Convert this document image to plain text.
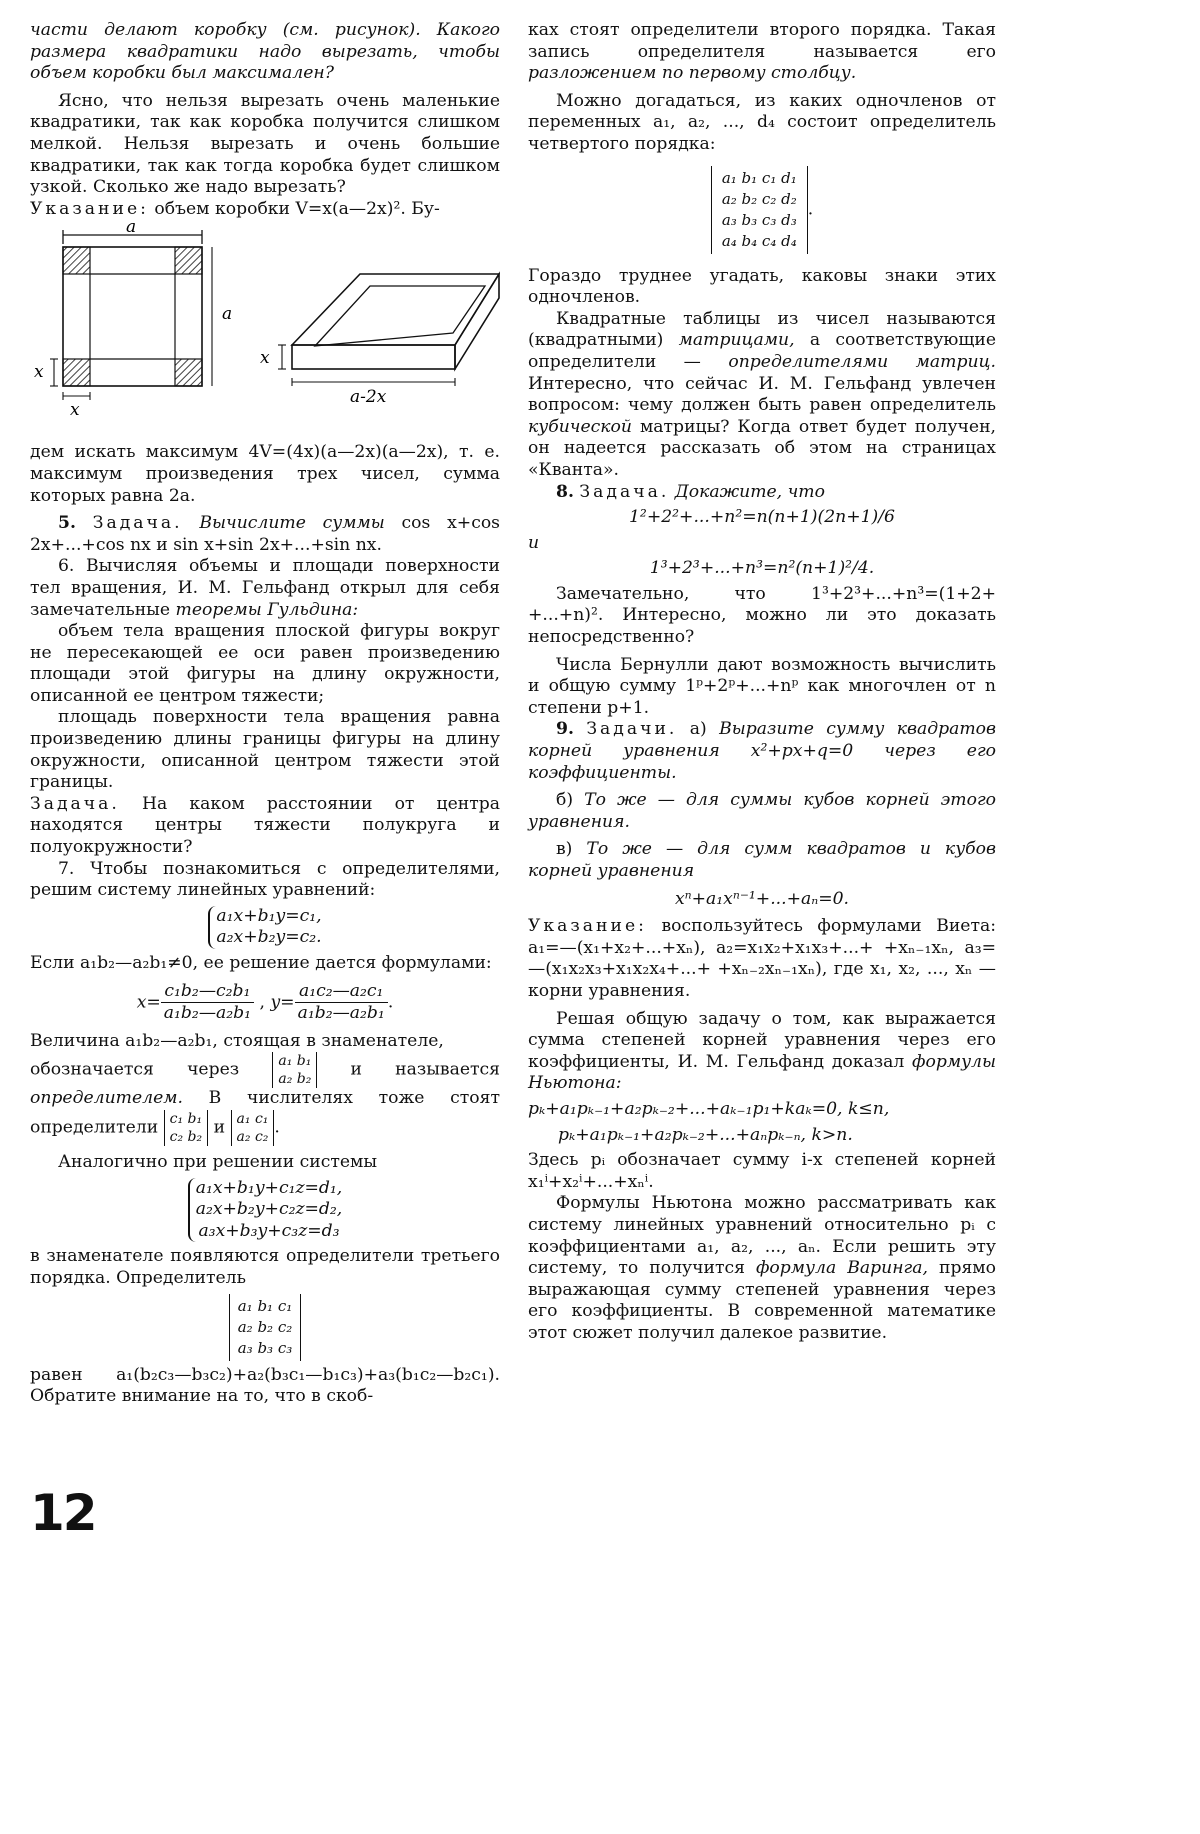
части делают коробку (см. рисунок). Какого размера квадратики надо вырезать, чтобы объем коробки был максимален?

Ясно, что нельзя вырезать очень маленькие квадратики, так как коробка получится слишком мелкой. Нельзя вырезать и очень большие квадратики, так как тогда коробка будет слишком узкой. Сколько же надо вырезать?

Указание: объем коробки V=x(a—2x)². Бу-

a
a
x
x
x
a-2x

дем искать максимум 4V=(4x)(a—2x)(a—2x), т. е. максимум произведения трех чисел, сумма которых равна 2a.

5. Задача. Вычислите суммы cos x+cos 2x+...+cos nx и sin x+sin 2x+...+sin nx.

6. Вычисляя объемы и площади поверхности тел вращения, И. М. Гельфанд открыл для себя замечательные теоремы Гульдина:

объем тела вращения плоской фигуры вокруг не пересекающей ее оси равен произведению площади этой фигуры на длину окружности, описанной ее центром тяжести;

площадь поверхности тела вращения равна произведению длины границы фигуры на длину окружности, описанной центром тяжести этой границы.

Задача. На каком расстоянии от центра находятся центры тяжести полукруга и полуокружности?

7. Чтобы познакомиться с определителями, решим систему линейных уравнений:

a₁x+b₁y=c₁,
a₂x+b₂y=c₂.

Если a₁b₂—a₂b₁≠0, ее решение дается формулами:

$x= \frac{\text{c₁b₂—c₂b₁}}{\text{a₁b₂—a₂b₁}}$ , $y= \frac{\text{a₁c₂—a₂c₁}}{\text{a₁b₂—a₂b₁}}$ .

Величина a₁b₂—a₂b₁, стоящая в знаменателе,

обозначается через	a₁ b₁
a₂ b₂ и называется определителем. В числителях тоже стоят определители c₁ b₁
c₂ b₂ и a₁ c₁
a₂ c₂ .

Аналогично при решении системы

a₁x+b₁y+c₁z=d₁,
a₂x+b₂y+c₂z=d₂,
a₃x+b₃y+c₃z=d₃

в знаменателе появляются определители третьего порядка. Определитель

a₁ b₁ c₁
a₂ b₂ c₂
a₃ b₃ c₃

равен a₁(b₂c₃—b₃c₂)+a₂(b₃c₁—b₁c₃)+a₃(b₁c₂—b₂c₁). Обратите внимание на то, что в скоб-

ках стоят определители второго порядка. Такая запись определителя называется его разложением по первому столбцу.

Можно догадаться, из каких одночленов от переменных a₁, a₂, ..., d₄ состоит определитель четвертого порядка:

a₁ b₁ c₁ d₁
a₂ b₂ c₂ d₂
a₃ b₃ c₃ d₃
a₄ b₄ c₄ d₄
.

Гораздо труднее угадать, каковы знаки этих одночленов.

Квадратные таблицы из чисел называются (квадратными) матрицами, а соответствующие определители — определителями матриц. Интересно, что сейчас И. М. Гельфанд увлечен вопросом: чему должен быть равен определитель кубической матрицы? Когда ответ будет получен, он надеется рассказать об этом на страницах «Кванта».

8. Задача. Докажите, что

1²+2²+...+n²=n(n+1)(2n+1)/6

и

1³+2³+...+n³=n²(n+1)²/4.

Замечательно, что 1³+2³+...+n³=(1+2+ +...+n)². Интересно, можно ли это доказать непосредственно?

Числа Бернулли дают возможность вычислить и общую сумму 1ᵖ+2ᵖ+...+nᵖ как многочлен от n степени p+1.

9. Задачи. а) Выразите сумму квадратов корней уравнения x²+px+q=0 через его коэффициенты.

б) То же — для суммы кубов корней этого уравнения.

в) То же — для сумм квадратов и кубов корней уравнения

xⁿ+a₁xⁿ⁻¹+...+aₙ=0.

Указание: воспользуйтесь формулами Виета: a₁=—(x₁+x₂+...+xₙ), a₂=x₁x₂+x₁x₃+...+ +xₙ₋₁xₙ, a₃=—(x₁x₂x₃+x₁x₂x₄+...+ +xₙ₋₂xₙ₋₁xₙ), где x₁, x₂, ..., xₙ — корни уравнения.

Решая общую задачу о том, как выражается сумма степеней корней уравнения через его коэффициенты, И. М. Гельфанд доказал формулы Ньютона:

pₖ+a₁pₖ₋₁+a₂pₖ₋₂+...+aₖ₋₁p₁+kaₖ=0, k≤n,

pₖ+a₁pₖ₋₁+a₂pₖ₋₂+...+aₙpₖ₋ₙ, k>n.

Здесь pᵢ обозначает сумму i-х степеней корней x₁ⁱ+x₂ⁱ+...+xₙⁱ.

Формулы Ньютона можно рассматривать как систему линейных уравнений относительно pᵢ с коэффициентами a₁, a₂, ..., aₙ. Если решить эту систему, то получится формула Варинга, прямо выражающая сумму степеней уравнения через его коэффициенты. В современной математике этот сюжет получил далекое развитие.

12
